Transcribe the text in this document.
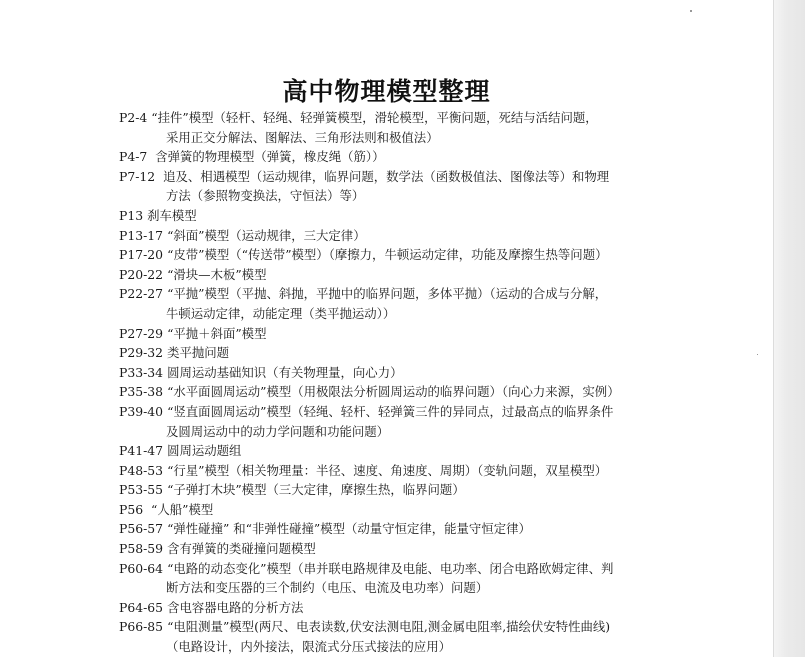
高中物理模型整理
P2-4 “挂件”模型（轻杆、轻绳、轻弹簧模型，滑轮模型，平衡问题，死结与活结问题，
采用正交分解法、图解法、三角形法则和极值法）
P4-7 含弹簧的物理模型（弹簧，橡皮绳（筋））
P7-12 追及、相遇模型（运动规律，临界问题，数学法（函数极值法、图像法等）和物理
方法（参照物变换法，守恒法）等）
P13 刹车模型
P13-17 “斜面”模型（运动规律，三大定律）
P17-20 “皮带”模型（“传送带”模型）（摩擦力，牛顿运动定律，功能及摩擦生热等问题）
P20-22 “滑块—木板”模型
P22-27 “平抛”模型（平抛、斜抛，平抛中的临界问题，多体平抛）（运动的合成与分解，
牛顿运动定律，动能定理（类平抛运动））
P27-29 “平抛＋斜面”模型
P29-32 类平抛问题
P33-34 圆周运动基础知识（有关物理量，向心力）
P35-38 “水平面圆周运动”模型（用极限法分析圆周运动的临界问题）（向心力来源，实例）
P39-40 “竖直面圆周运动”模型（轻绳、轻杆、轻弹簧三件的异同点，过最高点的临界条件
及圆周运动中的动力学问题和功能问题）
P41-47 圆周运动题组
P48-53 “行星”模型（相关物理量：半径、速度、角速度、周期）（变轨问题，双星模型）
P53-55 “子弹打木块”模型（三大定律，摩擦生热，临界问题）
P56 “人船”模型
P56-57 “弹性碰撞” 和“非弹性碰撞”模型（动量守恒定律，能量守恒定律）
P58-59 含有弹簧的类碰撞问题模型
P60-64 “电路的动态变化”模型（串并联电路规律及电能、电功率、闭合电路欧姆定律、判
断方法和变压器的三个制约（电压、电流及电功率）问题）
P64-65 含电容器电路的分析方法
P66-85 “电阻测量”模型(两尺、电表读数,伏安法测电阻,测金属电阻率,描绘伏安特性曲线)
（电路设计，内外接法，限流式分压式接法的应用）
